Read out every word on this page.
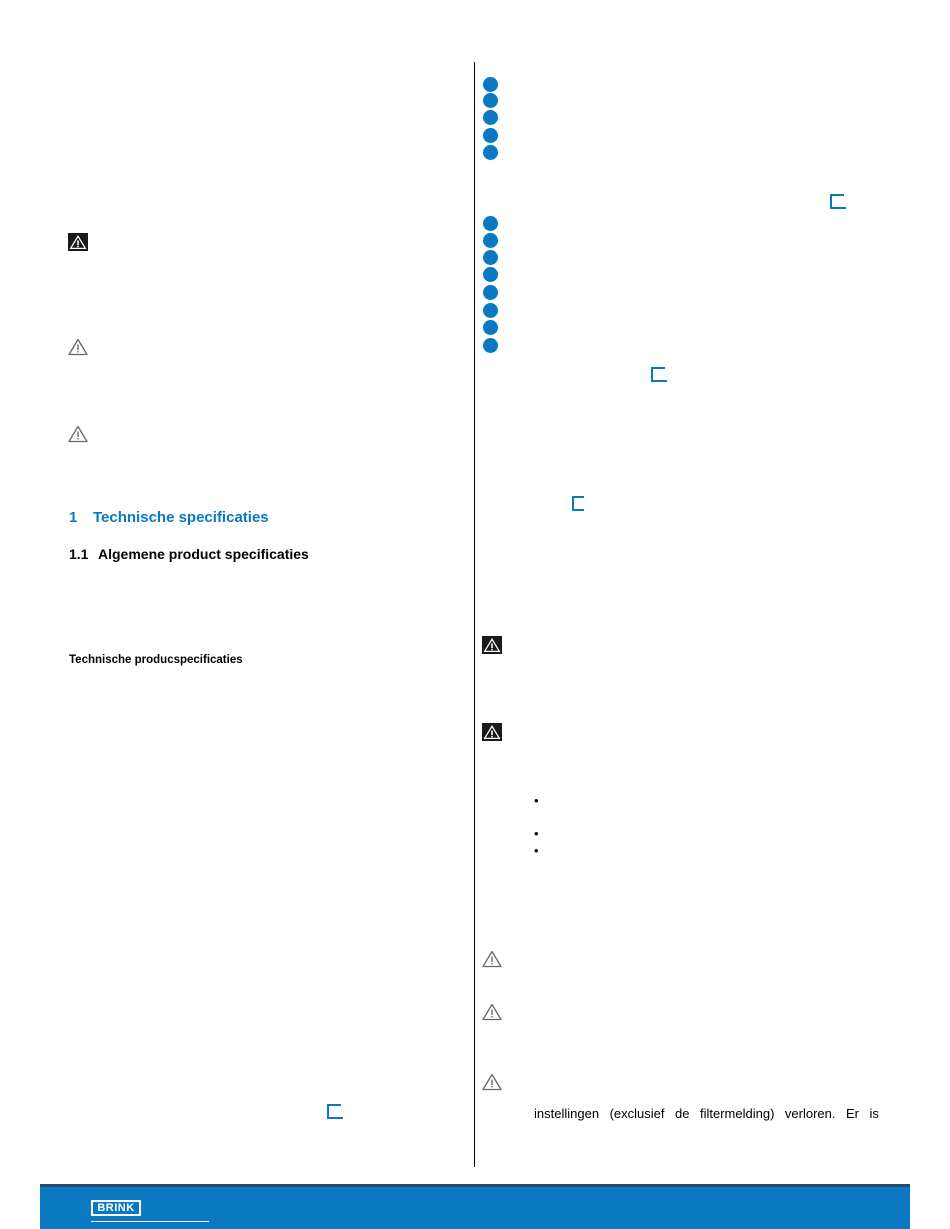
1 Technische specificaties
1.1 Algemene product specificaties
Technische producspecificaties
•
•
•
instellingen (exclusief de filtermelding) verloren. Er is
BRINK
